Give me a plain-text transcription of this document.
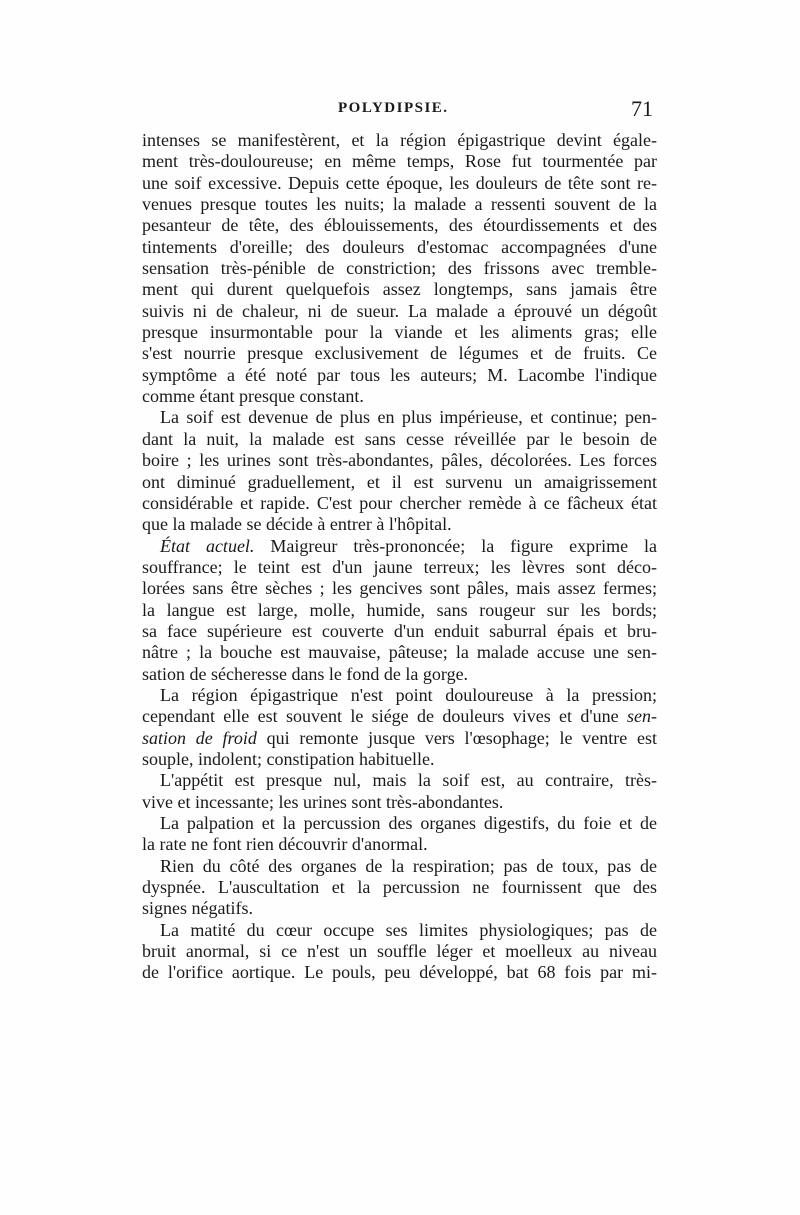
POLYDIPSIE.	71
intenses se manifestèrent, et la région épigastrique devint égale-
ment très-douloureuse; en même temps, Rose fut tourmentée par
une soif excessive. Depuis cette époque, les douleurs de tête sont re-
venues presque toutes les nuits; la malade a ressenti souvent de la
pesanteur de tête, des éblouissements, des étourdissements et des
tintements d'oreille; des douleurs d'estomac accompagnées d'une
sensation très-pénible de constriction; des frissons avec tremble-
ment qui durent quelquefois assez longtemps, sans jamais être
suivis ni de chaleur, ni de sueur. La malade a éprouvé un dégoût
presque insurmontable pour la viande et les aliments gras; elle
s'est nourrie presque exclusivement de légumes et de fruits. Ce
symptôme a été noté par tous les auteurs; M. Lacombe l'indique
comme étant presque constant.
La soif est devenue de plus en plus impérieuse, et continue; pen-
dant la nuit, la malade est sans cesse réveillée par le besoin de
boire ; les urines sont très-abondantes, pâles, décolorées. Les forces
ont diminué graduellement, et il est survenu un amaigrissement
considérable et rapide. C'est pour chercher remède à ce fâcheux état
que la malade se décide à entrer à l'hôpital.
État actuel. Maigreur très-prononcée; la figure exprime la
souffrance; le teint est d'un jaune terreux; les lèvres sont déco-
lorées sans être sèches ; les gencives sont pâles, mais assez fermes;
la langue est large, molle, humide, sans rougeur sur les bords;
sa face supérieure est couverte d'un enduit saburral épais et bru-
nâtre ; la bouche est mauvaise, pâteuse; la malade accuse une sen-
sation de sécheresse dans le fond de la gorge.
La région épigastrique n'est point douloureuse à la pression;
cependant elle est souvent le siége de douleurs vives et d'une sen-
sation de froid qui remonte jusque vers l'œsophage; le ventre est
souple, indolent; constipation habituelle.
L'appétit est presque nul, mais la soif est, au contraire, très-
vive et incessante; les urines sont très-abondantes.
La palpation et la percussion des organes digestifs, du foie et de
la rate ne font rien découvrir d'anormal.
Rien du côté des organes de la respiration; pas de toux, pas de
dyspnée. L'auscultation et la percussion ne fournissent que des
signes négatifs.
La matité du cœur occupe ses limites physiologiques; pas de
bruit anormal, si ce n'est un souffle léger et moelleux au niveau
de l'orifice aortique. Le pouls, peu développé, bat 68 fois par mi-
